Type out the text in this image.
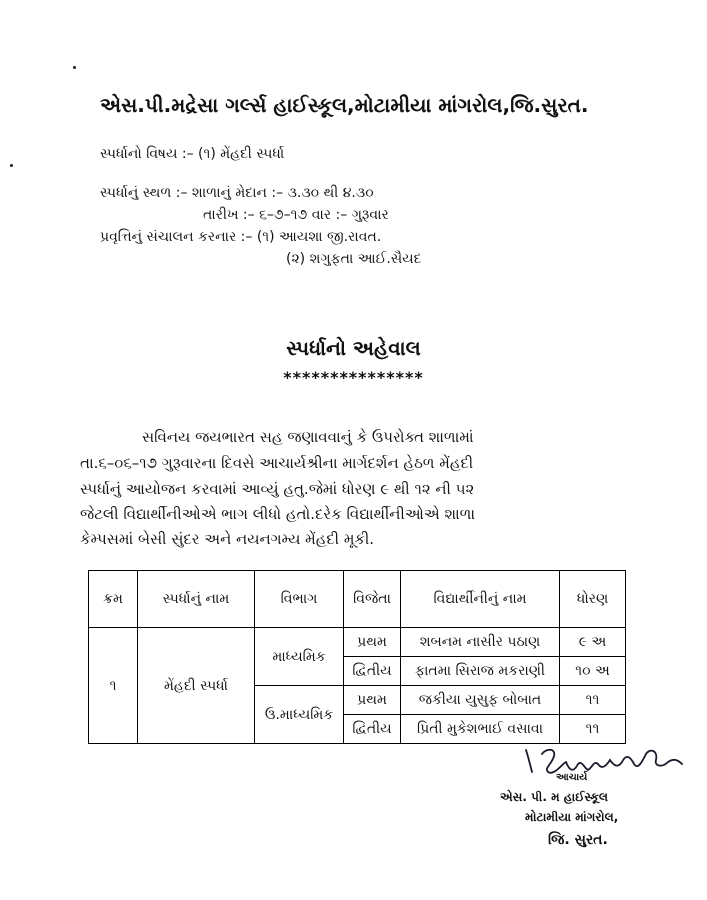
એસ.પી.મદ્રેસા ગર્લ્સ હાઈસ્કૂલ,મોટામીયા માંગરોલ,જિ.સુરત.
સ્પર્ધાનો વિષય :– (૧) મેંહદી સ્પર્ધા
સ્પર્ધાનું સ્થળ :– શાળાનું મેદાન :– ૩.૩૦ થી ૪.૩૦
તારીખ :– ૬–૭–૧૭ વાર :– ગુરૂવાર
પ્રવૃત્તિનું સંચાલન કરનાર :– (૧) આયશા જી.રાવત.
(૨) શગુફતા આઈ.સૈયદ
સ્પર્ધાનો અહેવાલ
***************
સવિનય જયભારત સહ જણાવવાનું કે ઉપરોક્ત શાળામાં
તા.૬–૦૬–૧૭ ગુરૂવારના દિવસે આચાર્યશ્રીના માર્ગદર્શન હેઠળ મેંહદી
સ્પર્ધાનું આયોજન કરવામાં આવ્યું હતુ.જેમાં ધોરણ ૯ થી ૧૨ ની ૫૨
જેટલી વિદ્યાર્થીનીઓએ ભાગ લીધો હતો.દરેક વિદ્યાર્થીનીઓએ શાળા
કેમ્પસમાં બેસી સુંદર અને નયનગમ્ય મેંહદી મૂકી.
ક્રમ	સ્પર્ધાનું નામ	વિભાગ	વિજેતા	વિદ્યાર્થીનીનું નામ	ધોરણ
૧	મેંહદી સ્પર્ધા	માધ્યમિક	પ્રથમ	શબનમ નાસીર પઠાણ	૯ અ
			દ્વિતીય	ફાતમા સિરાજ મકરાણી	૧૦ અ
		ઉ.માધ્યમિક	પ્રથમ	જકીયા યુસુફ બોબાત	૧૧
			દ્વિતીય	પ્રિતી મુકેશભાઈ વસાવા	૧૧
આચાર્ય
એસ. પી. મ હાઈસ્કૂલ
મોટામીયા માંગરોલ,
જિ. સુરત.
